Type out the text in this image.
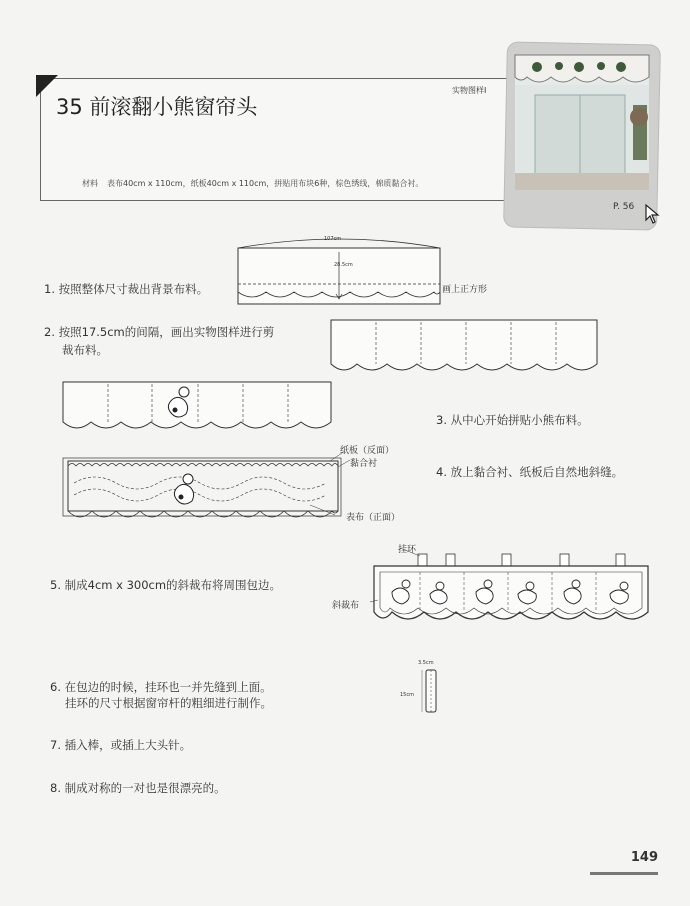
35 前滚翻小熊窗帘头
实物图样Ⅰ
材料 表布40cm x 110cm，纸板40cm x 110cm，拼贴用布块6种，棕色绣线，棉质黏合衬。
P. 56
1. 按照整体尺寸裁出背景布料。
2. 按照17.5cm的间隔，画出实物图样进行剪
裁布料。
3. 从中心开始拼贴小熊布料。
4. 放上黏合衬、纸板后自然地斜缝。
5. 制成4cm x 300cm的斜裁布将周围包边。
6. 在包边的时候，挂环也一并先缝到上面。
挂环的尺寸根据窗帘杆的粗细进行制作。
7. 插入棒，或插上大头针。
8. 制成对称的一对也是很漂亮的。
107cm
28.5cm
画上正方形
纸板（反面）
黏合衬
表布（正面）
挂环
斜裁布
3.5cm
15cm
149
